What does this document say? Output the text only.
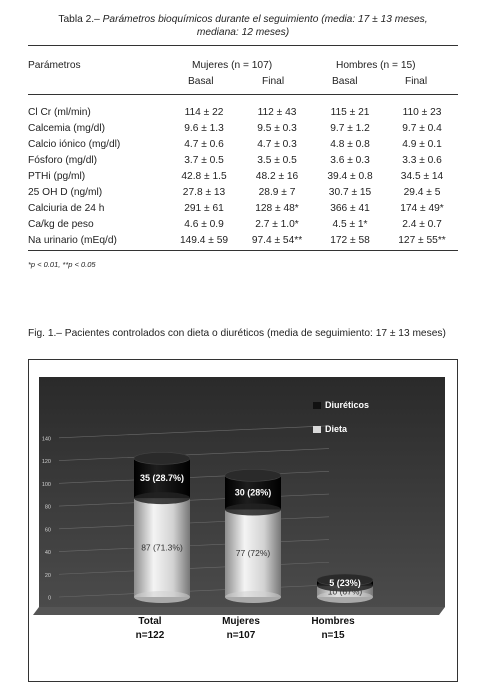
Tabla 2.– Parámetros bioquímicos durante el seguimiento (media: 17 ± 13 meses,
mediana: 12 meses)
Parámetros	Mujeres (n = 107)	Hombres (n = 15)
Basal	Final	Basal	Final
Cl Cr (ml/min)	114 ± 22	112 ± 43	115 ± 21	110 ± 23
Calcemia (mg/dl)	9.6 ± 1.3	9.5 ± 0.3	9.7 ± 1.2	9.7 ± 0.4
Calcio iónico (mg/dl)	4.7 ± 0.6	4.7 ± 0.3	4.8 ± 0.8	4.9 ± 0.1
Fósforo (mg/dl)	3.7 ± 0.5	3.5 ± 0.5	3.6 ± 0.3	3.3 ± 0.6
PTHi (pg/ml)	42.8 ± 1.5	48.2 ± 16	39.4 ± 0.8	34.5 ± 14
25 OH D (ng/ml)	27.8 ± 13	28.9 ± 7	30.7 ± 15	29.4 ± 5
Calciuria de 24 h	291 ± 61	128 ± 48*	366 ± 41	174 ± 49*
Ca/kg de peso	4.6 ± 0.9	2.7 ± 1.0*	4.5 ± 1*	2.4 ± 0.7
Na urinario (mEq/d)	149.4 ± 59	97.4 ± 54**	172 ± 58	127 ± 55**
*p < 0.01, **p < 0.05
Fig. 1.– Pacientes controlados con dieta o diuréticos (media de seguimiento: 17 ± 13 meses)
0
20
40
60
80
100
120
140
35 (28.7%)
87 (71.3%)
Total
n=122
30 (28%)
77 (72%)
Mujeres
n=107
5 (23%)
10 (67%)
Hombres
n=15
Diuréticos
Dieta
